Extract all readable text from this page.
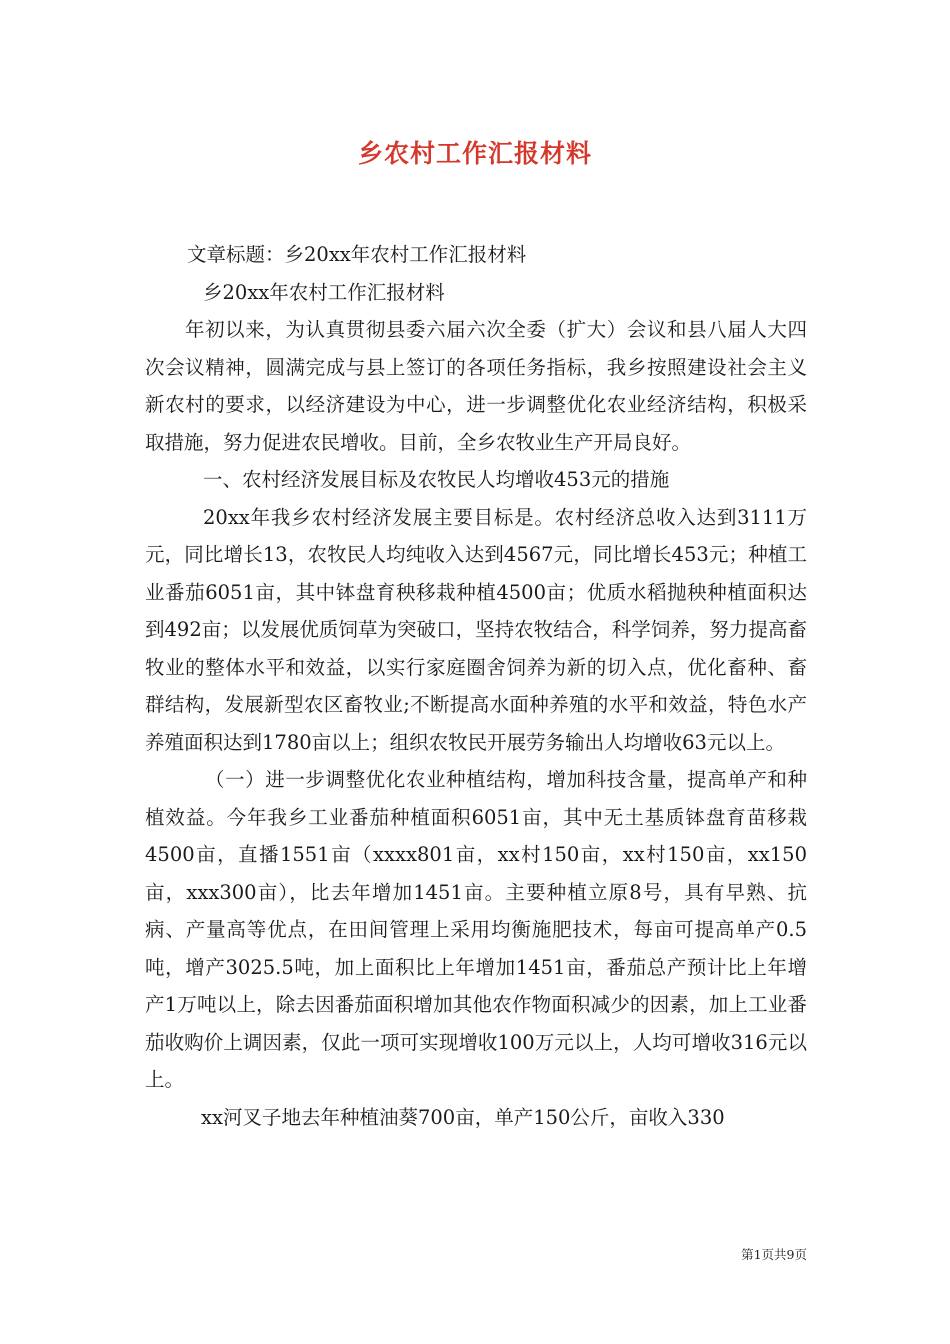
乡农村工作汇报材料

文章标题：乡20xx年农村工作汇报材料

乡20xx年农村工作汇报材料

年初以来，为认真贯彻县委六届六次全委（扩大）会议和县八届人大四次会议精神，圆满完成与县上签订的各项任务指标，我乡按照建设社会主义新农村的要求，以经济建设为中心，进一步调整优化农业经济结构，积极采取措施，努力促进农民增收。目前，全乡农牧业生产开局良好。

一、农村经济发展目标及农牧民人均增收453元的措施

20xx年我乡农村经济发展主要目标是。农村经济总收入达到3111万元，同比增长13，农牧民人均纯收入达到4567元，同比增长453元；种植工业番茄6051亩，其中钵盘育秧移栽种植4500亩；优质水稻抛秧种植面积达到492亩；以发展优质饲草为突破口，坚持农牧结合，科学饲养，努力提高畜牧业的整体水平和效益，以实行家庭圈舍饲养为新的切入点，优化畜种、畜群结构，发展新型农区畜牧业;不断提高水面种养殖的水平和效益，特色水产养殖面积达到1780亩以上；组织农牧民开展劳务输出人均增收63元以上。

（一）进一步调整优化农业种植结构，增加科技含量，提高单产和种植效益。今年我乡工业番茄种植面积6051亩，其中无土基质钵盘育苗移栽4500亩，直播1551亩（xxxx801亩，xx村150亩，xx村150亩，xx150亩，xxx300亩），比去年增加1451亩。主要种植立原8号，具有早熟、抗病、产量高等优点，在田间管理上采用均衡施肥技术，每亩可提高单产0.5吨，增产3025.5吨，加上面积比上年增加1451亩，番茄总产预计比上年增产1万吨以上，除去因番茄面积增加其他农作物面积减少的因素，加上工业番茄收购价上调因素，仅此一项可实现增收100万元以上，人均可增收316元以上。

xx河叉子地去年种植油葵700亩，单产150公斤，亩收入330

第1页共9页
